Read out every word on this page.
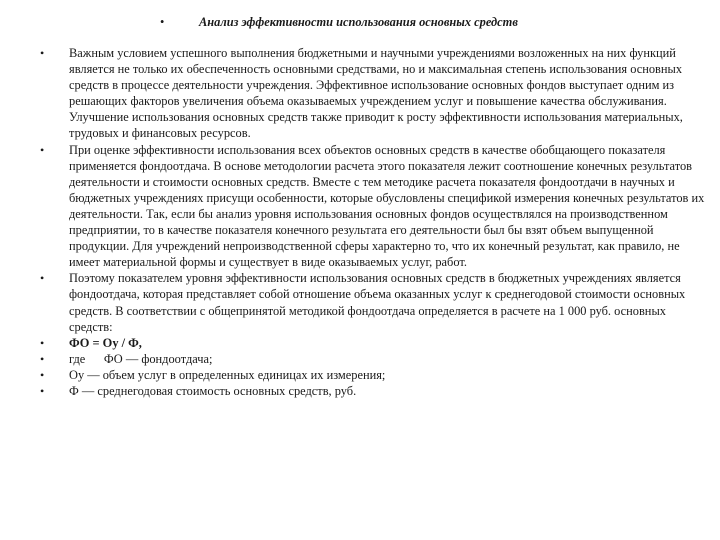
•	Анализ эффективности использования основных средств
• Важным условием успешного выполнения бюджетными и научными учреждениями возложенных на них функций является не только их обеспеченность основными средствами, но и максимальная степень использования основных средств в процессе деятельности учреждения. Эффективное использование основных фондов выступает одним из решающих факторов увеличения объема оказываемых учреждением услуг и повышение качества обслуживания. Улучшение использования основных средств также приводит к росту эффективности использования материальных, трудовых и финансовых ресурсов.
• При оценке эффективности использования всех объектов основных средств в качестве обобщающего показателя применяется фондоотдача. В основе методологии расчета этого показателя лежит соотношение конечных результатов деятельности и стоимости основных средств. Вместе с тем методике расчета показателя фондоотдачи в научных и бюджетных учреждениях присущи особенности, которые обусловлены спецификой измерения конечных результатов их деятельности. Так, если бы анализ уровня использования основных фондов осуществлялся на производственном предприятии, то в качестве показателя конечного результата его деятельности был бы взят объем выпущенной продукции. Для учреждений непроизводственной сферы характерно то, что их конечный результат, как правило, не имеет материальной формы и существует в виде оказываемых услуг, работ.
• Поэтому показателем уровня эффективности использования основных средств в бюджетных учреждениях является фондоотдача, которая представляет собой отношение объема оказанных услуг к среднегодовой стоимости основных средств. В соответствии с общепринятой методикой фондоотдача определяется в расчете на 1 000 руб. основных средств:
• ФО = Оу / Ф,
• где      ФО — фондоотдача;
• Оу — объем услуг в определенных единицах их измерения;
• Ф — среднегодовая стоимость основных средств, руб.
